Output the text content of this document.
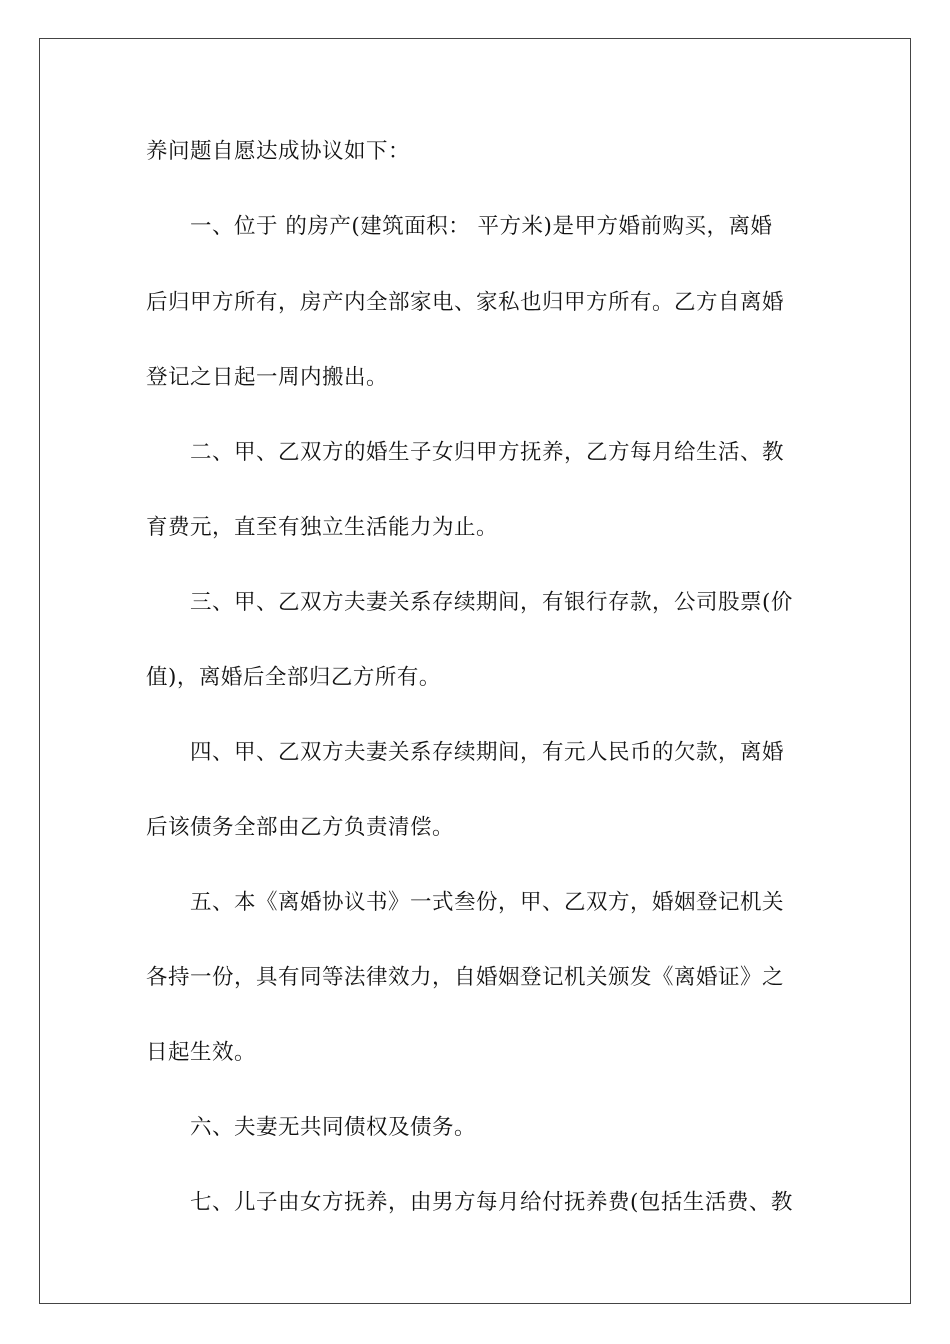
养问题自愿达成协议如下：
一、位于 的房产(建筑面积： 平方米)是甲方婚前购买，离婚
后归甲方所有，房产内全部家电、家私也归甲方所有。乙方自离婚
登记之日起一周内搬出。
二、甲、乙双方的婚生子女归甲方抚养，乙方每月给生活、教
育费元，直至有独立生活能力为止。
三、甲、乙双方夫妻关系存续期间，有银行存款，公司股票(价
值)，离婚后全部归乙方所有。
四、甲、乙双方夫妻关系存续期间，有元人民币的欠款，离婚
后该债务全部由乙方负责清偿。
五、本《离婚协议书》一式叁份，甲、乙双方，婚姻登记机关
各持一份，具有同等法律效力，自婚姻登记机关颁发《离婚证》之
日起生效。
六、夫妻无共同债权及债务。
七、儿子由女方抚养，由男方每月给付抚养费(包括生活费、教
